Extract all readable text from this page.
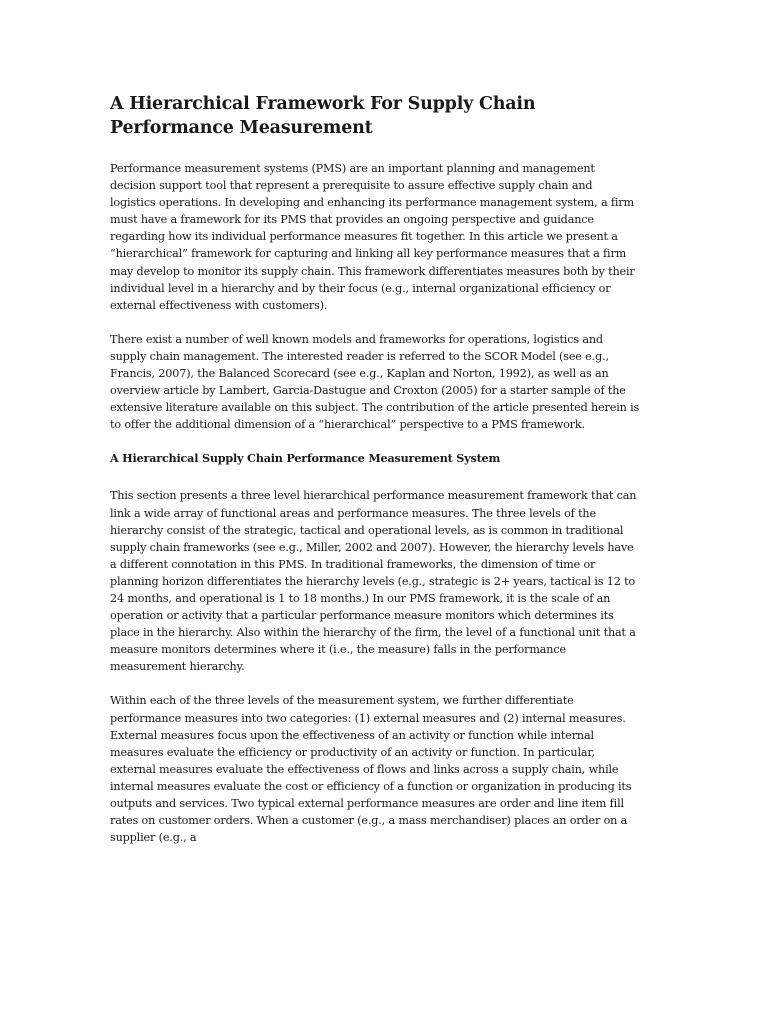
A Hierarchical Framework For Supply Chain Performance Measurement

Performance measurement systems (PMS) are an important planning and management decision support tool that represent a prerequisite to assure effective supply chain and logistics operations. In developing and enhancing its performance management system, a firm must have a framework for its PMS that provides an ongoing perspective and guidance regarding how its individual performance measures fit together. In this article we present a “hierarchical” framework for capturing and linking all key performance measures that a firm may develop to monitor its supply chain. This framework differentiates measures both by their individual level in a hierarchy and by their focus (e.g., internal organizational efficiency or external effectiveness with customers).

There exist a number of well known models and frameworks for operations, logistics and supply chain management. The interested reader is referred to the SCOR Model (see e.g., Francis, 2007), the Balanced Scorecard (see e.g., Kaplan and Norton, 1992), as well as an overview article by Lambert, Garcia-Dastugue and Croxton (2005) for a starter sample of the extensive literature available on this subject. The contribution of the article presented herein is to offer the additional dimension of a “hierarchical” perspective to a PMS framework.

A Hierarchical Supply Chain Performance Measurement System

This section presents a three level hierarchical performance measurement framework that can link a wide array of functional areas and performance measures. The three levels of the hierarchy consist of the strategic, tactical and operational levels, as is common in traditional supply chain frameworks (see e.g., Miller, 2002 and 2007). However, the hierarchy levels have a different connotation in this PMS. In traditional frameworks, the dimension of time or planning horizon differentiates the hierarchy levels (e.g., strategic is 2+ years, tactical is 12 to 24 months, and operational is 1 to 18 months.) In our PMS framework, it is the scale of an operation or activity that a particular performance measure monitors which determines its place in the hierarchy. Also within the hierarchy of the firm, the level of a functional unit that a measure monitors determines where it (i.e., the measure) falls in the performance measurement hierarchy.

Within each of the three levels of the measurement system, we further differentiate performance measures into two categories: (1) external measures and (2) internal measures. External measures focus upon the effectiveness of an activity or function while internal measures evaluate the efficiency or productivity of an activity or function. In particular, external measures evaluate the effectiveness of flows and links across a supply chain, while internal measures evaluate the cost or efficiency of a function or organization in producing its outputs and services. Two typical external performance measures are order and line item fill rates on customer orders. When a customer (e.g., a mass merchandiser) places an order on a supplier (e.g., a
